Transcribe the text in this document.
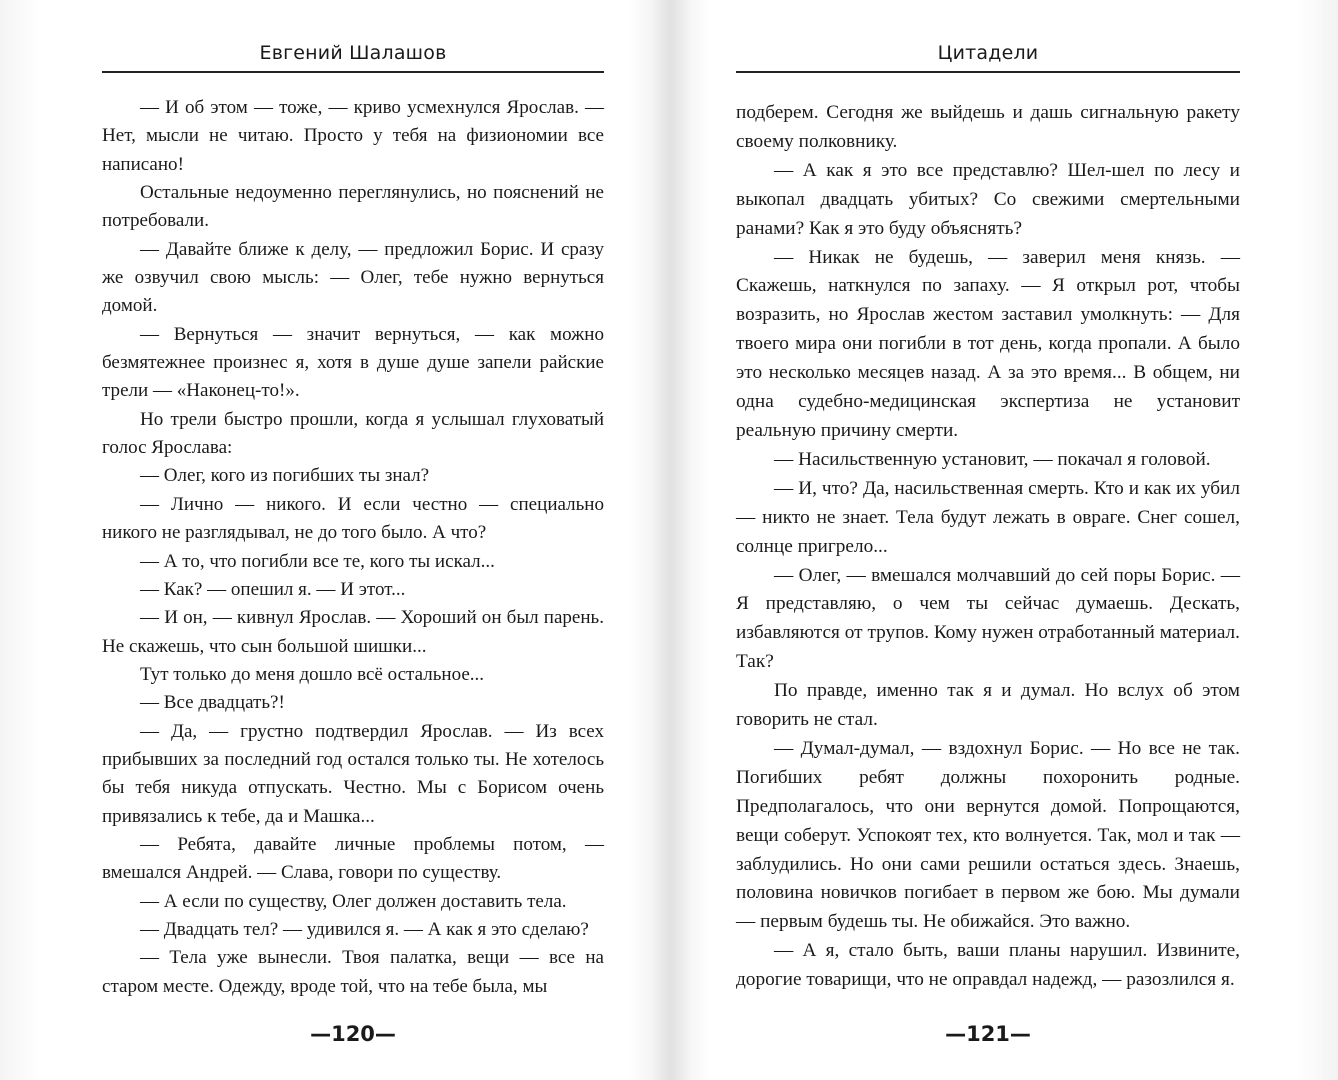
Евгений Шалашов

— И об этом — тоже, — криво усмехнулся Ярослав. — Нет, мысли не читаю. Просто у тебя на физиономии все написано!

Остальные недоуменно переглянулись, но пояснений не потребовали.

— Давайте ближе к делу, — предложил Борис. И сразу же озвучил свою мысль: — Олег, тебе нужно вернуться домой.

— Вернуться — значит вернуться, — как можно безмятежнее произнес я, хотя в душе душе запели райские трели — «Наконец-то!».

Но трели быстро прошли, когда я услышал глуховатый голос Ярослава:

— Олег, кого из погибших ты знал?

— Лично — никого. И если честно — специально никого не разглядывал, не до того было. А что?

— А то, что погибли все те, кого ты искал...

— Как? — опешил я. — И этот...

— И он, — кивнул Ярослав. — Хороший он был парень. Не скажешь, что сын большой шишки...

Тут только до меня дошло всё остальное...

— Все двадцать?!

— Да, — грустно подтвердил Ярослав. — Из всех прибывших за последний год остался только ты. Не хотелось бы тебя никуда отпускать. Честно. Мы с Борисом очень привязались к тебе, да и Машка...

— Ребята, давайте личные проблемы потом, — вмешался Андрей. — Слава, говори по существу.

— А если по существу, Олег должен доставить тела.

— Двадцать тел? — удивился я. — А как я это сделаю?

— Тела уже вынесли. Твоя палатка, вещи — все на старом месте. Одежду, вроде той, что на тебе была, мы

—120—
Цитадели

подберем. Сегодня же выйдешь и дашь сигнальную ракету своему полковнику.

— А как я это все представлю? Шел-шел по лесу и выкопал двадцать убитых? Со свежими смертельными ранами? Как я это буду объяснять?

— Никак не будешь, — заверил меня князь. — Скажешь, наткнулся по запаху. — Я открыл рот, чтобы возразить, но Ярослав жестом заставил умолкнуть: — Для твоего мира они погибли в тот день, когда пропали. А было это несколько месяцев назад. А за это время... В общем, ни одна судебно-медицинская экспертиза не установит реальную причину смерти.

— Насильственную установит, — покачал я головой.

— И, что? Да, насильственная смерть. Кто и как их убил — никто не знает. Тела будут лежать в овраге. Снег сошел, солнце пригрело...

— Олег, — вмешался молчавший до сей поры Борис. — Я представляю, о чем ты сейчас думаешь. Дескать, избавляются от трупов. Кому нужен отработанный материал. Так?

По правде, именно так я и думал. Но вслух об этом говорить не стал.

— Думал-думал, — вздохнул Борис. — Но все не так. Погибших ребят должны похоронить родные. Предполагалось, что они вернутся домой. Попрощаются, вещи соберут. Успокоят тех, кто волнуется. Так, мол и так — заблудились. Но они сами решили остаться здесь. Знаешь, половина новичков погибает в первом же бою. Мы думали — первым будешь ты. Не обижайся. Это важно.

— А я, стало быть, ваши планы нарушил. Извините, дорогие товарищи, что не оправдал надежд, — разозлился я.

—121—
